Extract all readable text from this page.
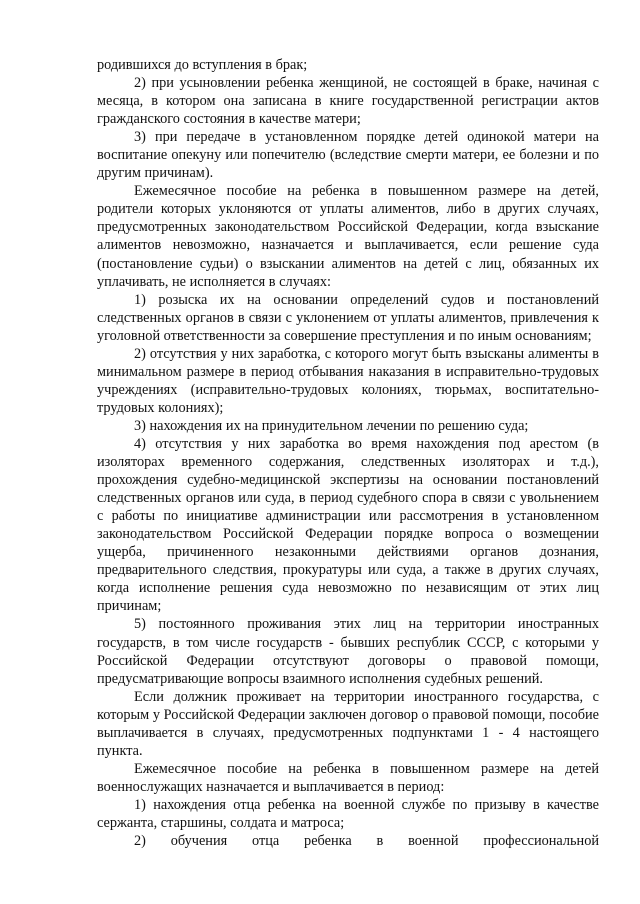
родившихся до вступления в брак;

2) при усыновлении ребенка женщиной, не состоящей в браке, начиная с месяца, в котором она записана в книге государственной регистрации актов гражданского состояния в качестве матери;

3) при передаче в установленном порядке детей одинокой матери на воспитание опекуну или попечителю (вследствие смерти матери, ее болезни и по другим причинам).

Ежемесячное пособие на ребенка в повышенном размере на детей, родители которых уклоняются от уплаты алиментов, либо в других случаях, предусмотренных законодательством Российской Федерации, когда взыскание алиментов невозможно, назначается и выплачивается, если решение суда (постановление судьи) о взыскании алиментов на детей с лиц, обязанных их уплачивать, не исполняется в случаях:

1) розыска их на основании определений судов и постановлений следственных органов в связи с уклонением от уплаты алиментов, привлечения к уголовной ответственности за совершение преступления и по иным основаниям;

2) отсутствия у них заработка, с которого могут быть взысканы алименты в минимальном размере в период отбывания наказания в исправительно-трудовых учреждениях (исправительно-трудовых колониях, тюрьмах, воспитательно-трудовых колониях);

3) нахождения их на принудительном лечении по решению суда;

4) отсутствия у них заработка во время нахождения под арестом (в изоляторах временного содержания, следственных изоляторах и т.д.), прохождения судебно-медицинской экспертизы на основании постановлений следственных органов или суда, в период судебного спора в связи с увольнением с работы по инициативе администрации или рассмотрения в установленном законодательством Российской Федерации порядке вопроса о возмещении ущерба, причиненного незаконными действиями органов дознания, предварительного следствия, прокуратуры или суда, а также в других случаях, когда исполнение решения суда невозможно по независящим от этих лиц причинам;

5) постоянного проживания этих лиц на территории иностранных государств, в том числе государств - бывших республик СССР, с которыми у Российской Федерации отсутствуют договоры о правовой помощи, предусматривающие вопросы взаимного исполнения судебных решений.

Если должник проживает на территории иностранного государства, с которым у Российской Федерации заключен договор о правовой помощи, пособие выплачивается в случаях, предусмотренных подпунктами 1 - 4 настоящего пункта.

Ежемесячное пособие на ребенка в повышенном размере на детей военнослужащих назначается и выплачивается в период:

1) нахождения отца ребенка на военной службе по призыву в качестве сержанта, старшины, солдата и матроса;

2) обучения отца ребенка в военной профессиональной
